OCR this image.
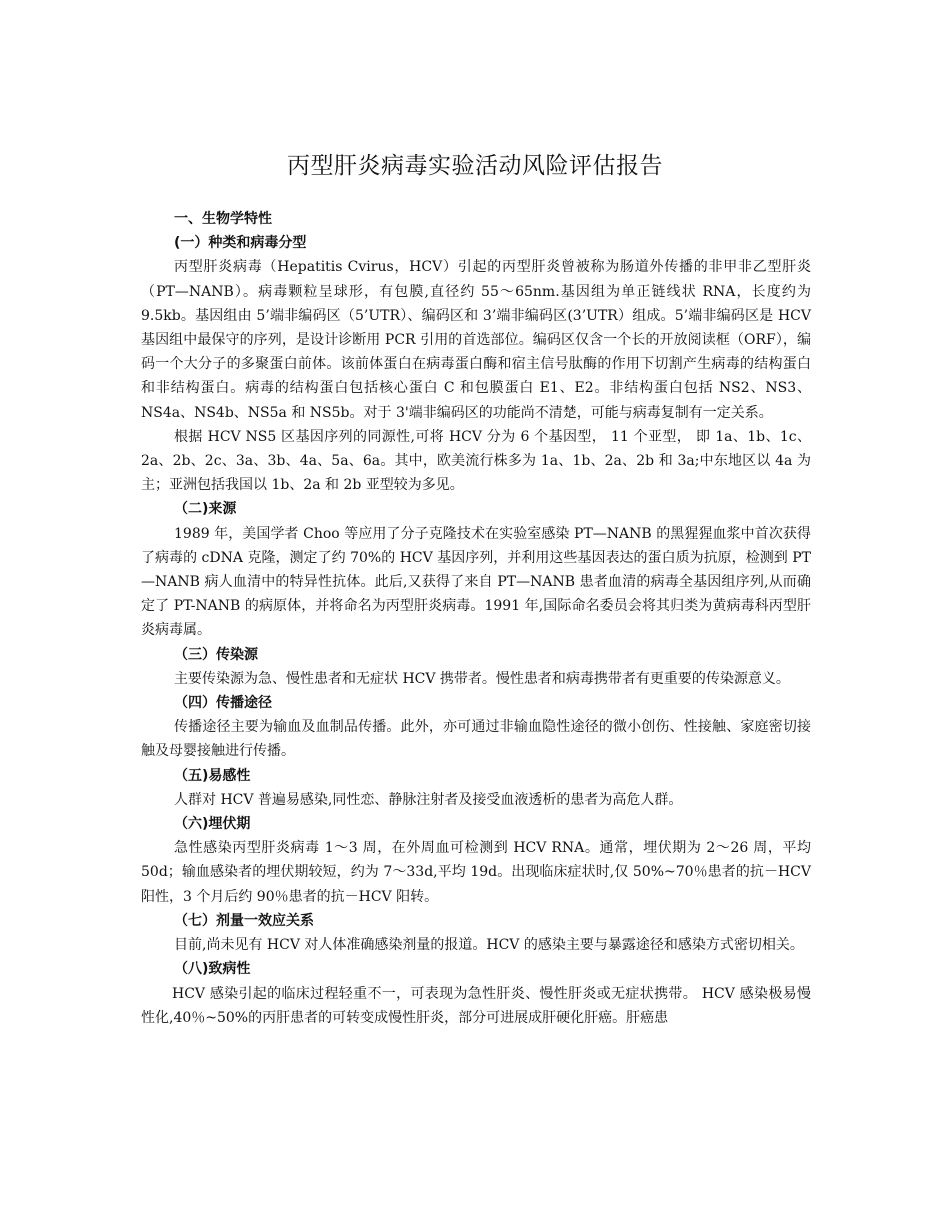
丙型肝炎病毒实验活动风险评估报告
一、生物学特性
(一）种类和病毒分型
丙型肝炎病毒（Hepatitis Cvirus，HCV）引起的丙型肝炎曾被称为肠道外传播的非甲非乙型肝炎（PT—NANB）。病毒颗粒呈球形，有包膜,直径约 55～65nm.基因组为单正链线状 RNA，长度约为 9.5kb。基因组由 5’端非编码区（5’UTR）、编码区和 3’端非编码区(3’UTR）组成。5’端非编码区是 HCV 基因组中最保守的序列，是设计诊断用 PCR 引用的首选部位。编码区仅含一个长的开放阅读框（ORF），编码一个大分子的多聚蛋白前体。该前体蛋白在病毒蛋白酶和宿主信号肽酶的作用下切割产生病毒的结构蛋白和非结构蛋白。病毒的结构蛋白包括核心蛋白 C 和包膜蛋白 E1、E2。非结构蛋白包括 NS2、NS3、NS4a、NS4b、NS5a 和 NS5b。对于 3'端非编码区的功能尚不清楚，可能与病毒复制有一定关系。
根据 HCV NS5 区基因序列的同源性,可将 HCV 分为 6 个基因型， 11 个亚型， 即 1a、1b、1c、2a、2b、2c、3a、3b、4a、5a、6a。其中，欧美流行株多为 1a、1b、2a、2b 和 3a;中东地区以 4a 为主；亚洲包括我国以 1b、2a 和 2b 亚型较为多见。
（二)来源
1989 年，美国学者 Choo 等应用了分子克隆技术在实验室感染 PT—NANB 的黑猩猩血浆中首次获得了病毒的 cDNA 克隆，测定了约 70%的 HCV 基因序列，并利用这些基因表达的蛋白质为抗原，检测到 PT—NANB 病人血清中的特异性抗体。此后,又获得了来自 PT—NANB 患者血清的病毒全基因组序列,从而确定了 PT-NANB 的病原体，并将命名为丙型肝炎病毒。1991 年,国际命名委员会将其归类为黄病毒科丙型肝炎病毒属。
（三）传染源
主要传染源为急、慢性患者和无症状 HCV 携带者。慢性患者和病毒携带者有更重要的传染源意义。
（四）传播途径
传播途径主要为输血及血制品传播。此外，亦可通过非输血隐性途径的微小创伤、性接触、家庭密切接触及母婴接触进行传播。
（五)易感性
人群对 HCV 普遍易感染,同性恋、静脉注射者及接受血液透析的患者为高危人群。
（六)埋伏期
急性感染丙型肝炎病毒 1～3 周，在外周血可检测到 HCV RNA。通常，埋伏期为 2～26 周，平均 50d；输血感染者的埋伏期较短，约为 7～33d,平均 19d。出现临床症状时,仅 50%~70％患者的抗－HCV 阳性，3 个月后约 90％患者的抗－HCV 阳转。
（七）剂量一效应关系
目前,尚未见有 HCV 对人体准确感染剂量的报道。HCV 的感染主要与暴露途径和感染方式密切相关。
（八)致病性
HCV 感染引起的临床过程轻重不一，可表现为急性肝炎、慢性肝炎或无症状携带。 HCV 感染极易慢性化,40％~50%的丙肝患者的可转变成慢性肝炎，部分可进展成肝硬化肝癌。肝癌患
